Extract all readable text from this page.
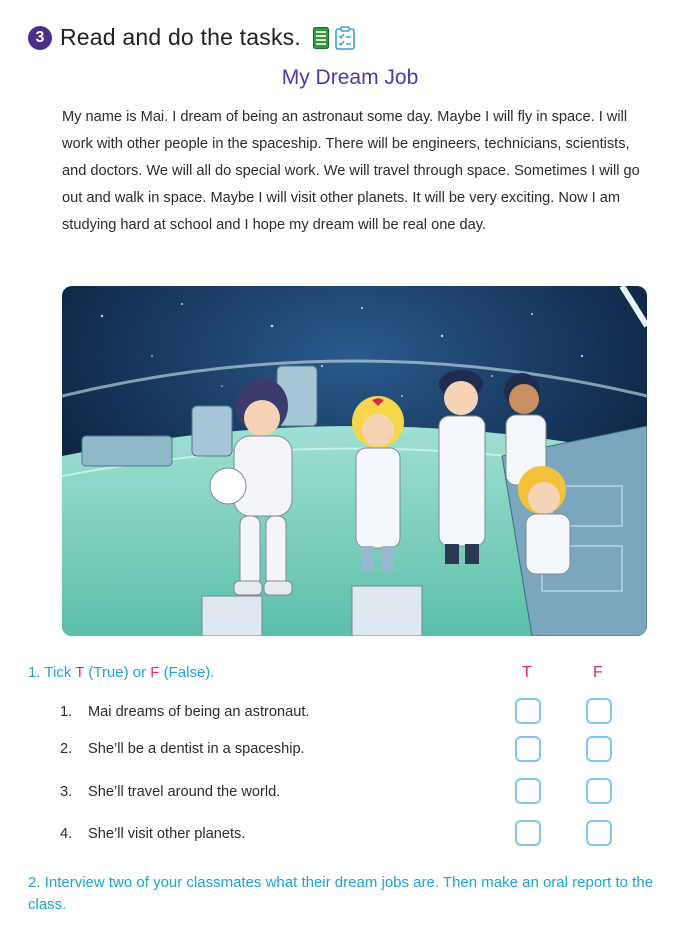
3 Read and do the tasks.
My Dream Job
My name is Mai. I dream of being an astronaut some day. Maybe I will fly in space. I will work with other people in the spaceship. There will be engineers, technicians, scientists, and doctors. We will all do special work. We will travel through space. Sometimes I will go out and walk in space. Maybe I will visit other planets. It will be very exciting. Now I am studying hard at school and I hope my dream will be real one day.
1. Tick T (True) or F (False).	T	F
1. Mai dreams of being an astronaut.
2. She’ll be a dentist in a spaceship.
3. She’ll travel around the world.
4. She’ll visit other planets.
2. Interview two of your classmates what their dream jobs are. Then make an oral report to the class.
